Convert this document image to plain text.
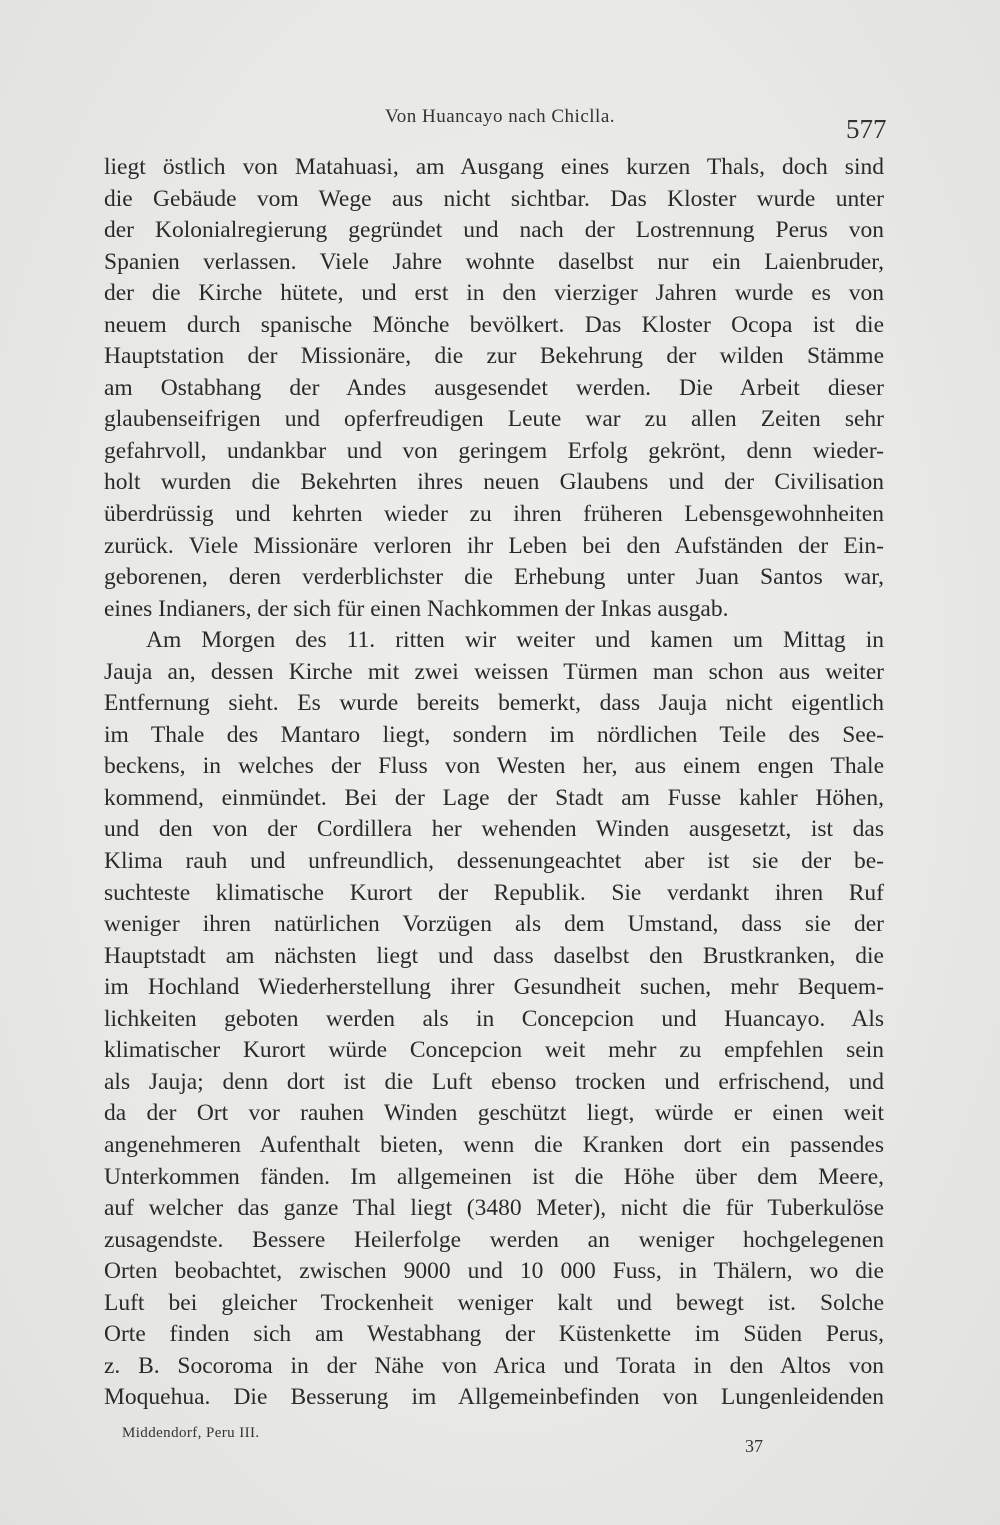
Von Huancayo nach Chiclla.	577
liegt östlich von Matahuasi, am Ausgang eines kurzen Thals, doch sind
die Gebäude vom Wege aus nicht sichtbar. Das Kloster wurde unter
der Kolonialregierung gegründet und nach der Lostrennung Perus von
Spanien verlassen. Viele Jahre wohnte daselbst nur ein Laienbruder,
der die Kirche hütete, und erst in den vierziger Jahren wurde es von
neuem durch spanische Mönche bevölkert. Das Kloster Ocopa ist die
Hauptstation der Missionäre, die zur Bekehrung der wilden Stämme
am Ostabhang der Andes ausgesendet werden. Die Arbeit dieser
glaubenseifrigen und opferfreudigen Leute war zu allen Zeiten sehr
gefahrvoll, undankbar und von geringem Erfolg gekrönt, denn wieder-
holt wurden die Bekehrten ihres neuen Glaubens und der Civilisation
überdrüssig und kehrten wieder zu ihren früheren Lebensgewohnheiten
zurück. Viele Missionäre verloren ihr Leben bei den Aufständen der Ein-
geborenen, deren verderblichster die Erhebung unter Juan Santos war,
eines Indianers, der sich für einen Nachkommen der Inkas ausgab.
Am Morgen des 11. ritten wir weiter und kamen um Mittag in
Jauja an, dessen Kirche mit zwei weissen Türmen man schon aus weiter
Entfernung sieht. Es wurde bereits bemerkt, dass Jauja nicht eigentlich
im Thale des Mantaro liegt, sondern im nördlichen Teile des See-
beckens, in welches der Fluss von Westen her, aus einem engen Thale
kommend, einmündet. Bei der Lage der Stadt am Fusse kahler Höhen,
und den von der Cordillera her wehenden Winden ausgesetzt, ist das
Klima rauh und unfreundlich, dessenungeachtet aber ist sie der be-
suchteste klimatische Kurort der Republik. Sie verdankt ihren Ruf
weniger ihren natürlichen Vorzügen als dem Umstand, dass sie der
Hauptstadt am nächsten liegt und dass daselbst den Brustkranken, die
im Hochland Wiederherstellung ihrer Gesundheit suchen, mehr Bequem-
lichkeiten geboten werden als in Concepcion und Huancayo. Als
klimatischer Kurort würde Concepcion weit mehr zu empfehlen sein
als Jauja; denn dort ist die Luft ebenso trocken und erfrischend, und
da der Ort vor rauhen Winden geschützt liegt, würde er einen weit
angenehmeren Aufenthalt bieten, wenn die Kranken dort ein passendes
Unterkommen fänden. Im allgemeinen ist die Höhe über dem Meere,
auf welcher das ganze Thal liegt (3480 Meter), nicht die für Tuberkulöse
zusagendste. Bessere Heilerfolge werden an weniger hochgelegenen
Orten beobachtet, zwischen 9000 und 10 000 Fuss, in Thälern, wo die
Luft bei gleicher Trockenheit weniger kalt und bewegt ist. Solche
Orte finden sich am Westabhang der Küstenkette im Süden Perus,
z. B. Socoroma in der Nähe von Arica und Torata in den Altos von
Moquehua. Die Besserung im Allgemeinbefinden von Lungenleidenden
Middendorf, Peru III.
37
